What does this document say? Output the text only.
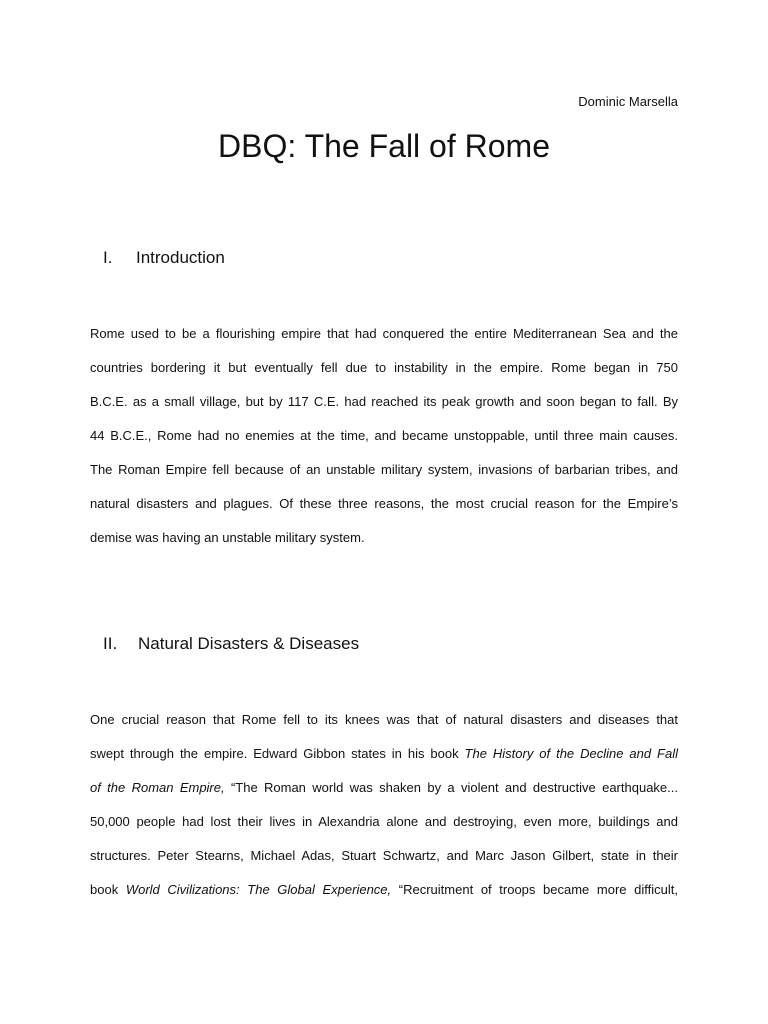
Dominic Marsella
DBQ: The Fall of Rome
I. Introduction
Rome used to be a flourishing empire that had conquered the entire Mediterranean Sea and the
countries bordering it but eventually fell due to instability in the empire. Rome began in 750
B.C.E. as a small village, but by 117 C.E. had reached its peak growth and soon began to fall. By
44 B.C.E., Rome had no enemies at the time, and became unstoppable, until three main causes.
The Roman Empire fell because of an unstable military system, invasions of barbarian tribes, and
natural disasters and plagues. Of these three reasons, the most crucial reason for the Empire’s
demise was having an unstable military system.
II. Natural Disasters & Diseases
One crucial reason that Rome fell to its knees was that of natural disasters and diseases that
swept through the empire. Edward Gibbon states in his book The History of the Decline and Fall
of the Roman Empire, “The Roman world was shaken by a violent and destructive earthquake...
50,000 people had lost their lives in Alexandria alone and destroying, even more, buildings and
structures. Peter Stearns, Michael Adas, Stuart Schwartz, and Marc Jason Gilbert, state in their
book World Civilizations: The Global Experience, “Recruitment of troops became more difficult,
